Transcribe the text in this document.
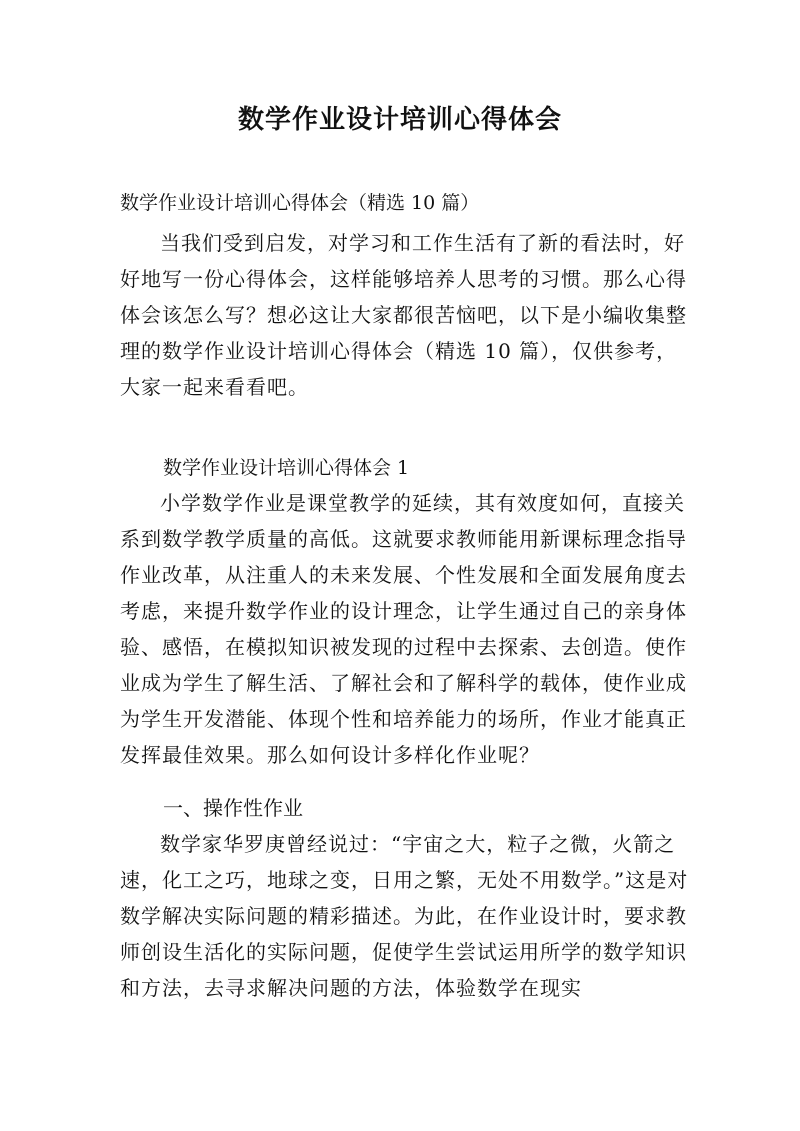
数学作业设计培训心得体会
数学作业设计培训心得体会（精选 10 篇）
当我们受到启发，对学习和工作生活有了新的看法时，好好地写一份心得体会，这样能够培养人思考的习惯。那么心得体会该怎么写？想必这让大家都很苦恼吧，以下是小编收集整理的数学作业设计培训心得体会（精选 10 篇），仅供参考，大家一起来看看吧。
数学作业设计培训心得体会 1
小学数学作业是课堂教学的延续，其有效度如何，直接关系到数学教学质量的高低。这就要求教师能用新课标理念指导作业改革，从注重人的未来发展、个性发展和全面发展角度去考虑，来提升数学作业的设计理念，让学生通过自己的亲身体验、感悟，在模拟知识被发现的过程中去探索、去创造。使作业成为学生了解生活、了解社会和了解科学的载体，使作业成为学生开发潜能、体现个性和培养能力的场所，作业才能真正发挥最佳效果。那么如何设计多样化作业呢？
一、操作性作业
数学家华罗庚曾经说过：“宇宙之大，粒子之微，火箭之速，化工之巧，地球之变，日用之繁，无处不用数学。”这是对数学解决实际问题的精彩描述。为此，在作业设计时，要求教师创设生活化的实际问题，促使学生尝试运用所学的数学知识和方法，去寻求解决问题的方法，体验数学在现实
